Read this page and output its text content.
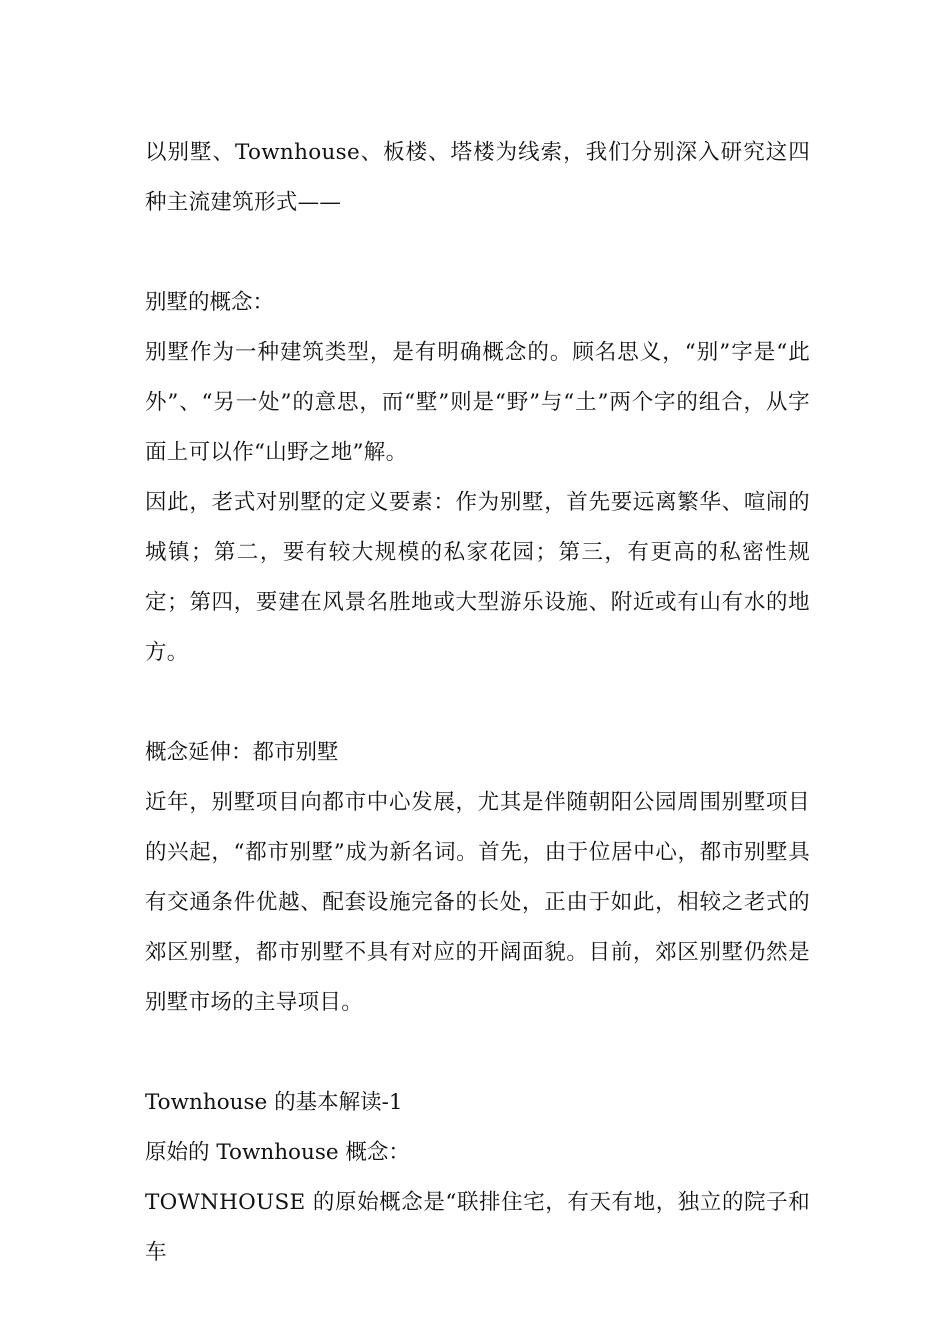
以别墅、Townhouse、板楼、塔楼为线索，我们分别深入研究这四种主流建筑形式——

别墅的概念：

别墅作为一种建筑类型，是有明确概念的。顾名思义，“别”字是“此外”、“另一处”的意思，而“墅”则是“野”与“土”两个字的组合，从字面上可以作“山野之地”解。

因此，老式对别墅的定义要素：作为别墅，首先要远离繁华、喧闹的城镇；第二，要有较大规模的私家花园；第三，有更高的私密性规定；第四，要建在风景名胜地或大型游乐设施、附近或有山有水的地方。

概念延伸：都市别墅

近年，别墅项目向都市中心发展，尤其是伴随朝阳公园周围别墅项目的兴起，“都市别墅”成为新名词。首先，由于位居中心，都市别墅具有交通条件优越、配套设施完备的长处，正由于如此，相较之老式的郊区别墅，都市别墅不具有对应的开阔面貌。目前，郊区别墅仍然是别墅市场的主导项目。

Townhouse 的基本解读-1

原始的 Townhouse 概念：

TOWNHOUSE 的原始概念是“联排住宅，有天有地，独立的院子和车
